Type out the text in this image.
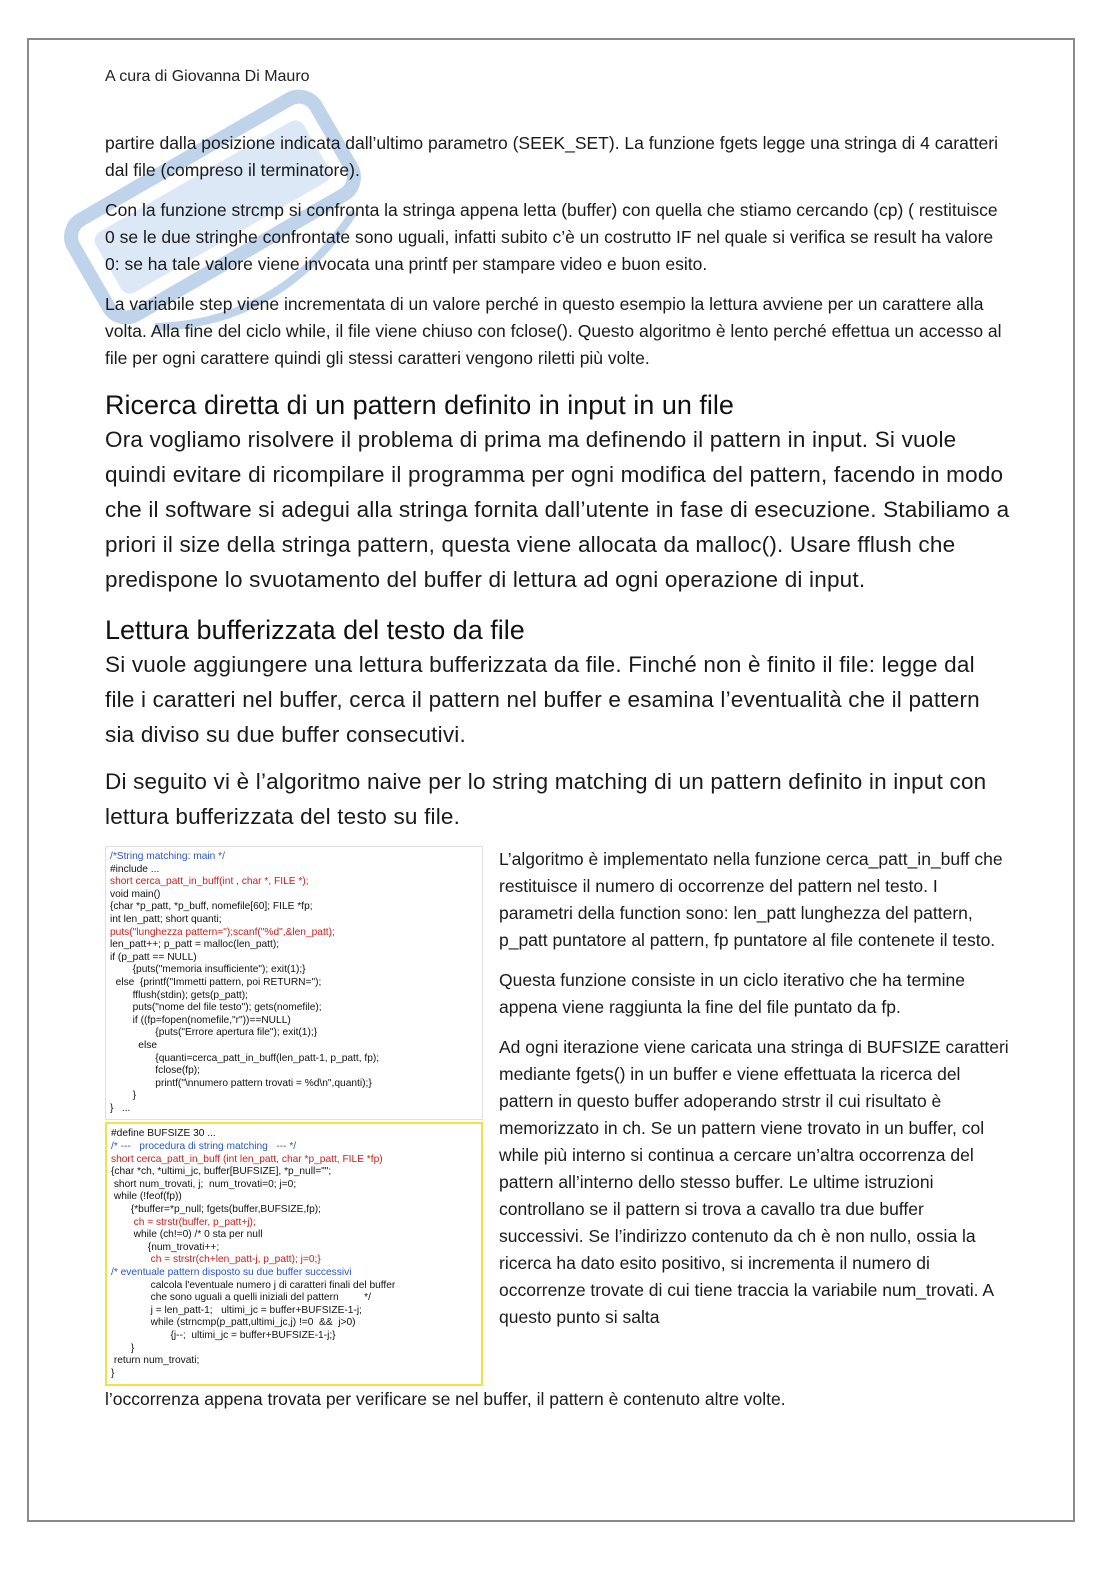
A cura di Giovanna Di Mauro

partire dalla posizione indicata dall’ultimo parametro (SEEK_SET). La funzione fgets legge una stringa di 4 caratteri dal file (compreso il terminatore).

Con la funzione strcmp si confronta la stringa appena letta (buffer) con quella che stiamo cercando (cp) ( restituisce 0 se le due stringhe confrontate sono uguali, infatti subito c’è un costrutto IF nel quale si verifica se result ha valore 0: se ha tale valore viene invocata una printf per stampare video e buon esito.

La variabile step viene incrementata di un valore perché in questo esempio la lettura avviene per un carattere alla volta. Alla fine del ciclo while, il file viene chiuso con fclose(). Questo algoritmo è lento perché effettua un accesso al file per ogni carattere quindi gli stessi caratteri vengono riletti più volte.

Ricerca diretta di un pattern definito in input in un file

Ora vogliamo risolvere il problema di prima ma definendo il pattern in input. Si vuole quindi evitare di ricompilare il programma per ogni modifica del pattern, facendo in modo che il software si adegui alla stringa fornita dall’utente in fase di esecuzione. Stabiliamo a priori il size della stringa pattern, questa viene allocata da malloc(). Usare fflush che predispone lo svuotamento del buffer di lettura ad ogni operazione di input.

Lettura bufferizzata del testo da file

Si vuole aggiungere una lettura bufferizzata da file. Finché non è finito il file: legge dal file i caratteri nel buffer, cerca il pattern nel buffer e esamina l’eventualità che il pattern sia diviso su due buffer consecutivi.

Di seguito vi è l’algoritmo naive per lo string matching di un pattern definito in input con lettura bufferizzata del testo su file.

/*String matching: main */
#include ...
short cerca_patt_in_buff(int , char *, FILE *);
void main()
{char *p_patt, *p_buff, nomefile[60]; FILE *fp;
int len_patt; short quanti;
puts("lunghezza pattern=");scanf("%d",&len_patt);
len_patt++; p_patt = malloc(len_patt);
if (p_patt == NULL)
{puts("memoria insufficiente"); exit(1);}
else  {printf("Immetti pattern, poi RETURN=");
fflush(stdin); gets(p_patt);
puts("nome del file testo"); gets(nomefile);
if ((fp=fopen(nomefile,"r"))==NULL)
{puts("Errore apertura file"); exit(1);}
else
{quanti=cerca_patt_in_buff(len_patt-1, p_patt, fp);
fclose(fp);
printf("\nnumero pattern trovati = %d\n",quanti);}
}
}   ...
#define BUFSIZE 30 ...
/* ---   procedura di string matching   --- */
short cerca_patt_in_buff (int len_patt, char *p_patt, FILE *fp)
{char *ch, *ultimi_jc, buffer[BUFSIZE], *p_null="";
short num_trovati, j;  num_trovati=0; j=0;
while (!feof(fp))
{*buffer=*p_null; fgets(buffer,BUFSIZE,fp);
ch = strstr(buffer, p_patt+j);
while (ch!=0) /* 0 sta per null
{num_trovati++;
ch = strstr(ch+len_patt-j, p_patt); j=0;}
/* eventuale pattern disposto su due buffer successivi
calcola l'eventuale numero j di caratteri finali del buffer
che sono uguali a quelli iniziali del pattern         */
j = len_patt-1;   ultimi_jc = buffer+BUFSIZE-1-j;
while (strncmp(p_patt,ultimi_jc,j) !=0  &&  j>0)
{j--;  ultimi_jc = buffer+BUFSIZE-1-j;}
}
return num_trovati;
}

L’algoritmo è implementato nella funzione cerca_patt_in_buff che restituisce il numero di occorrenze del pattern nel testo. I parametri della function sono: len_patt lunghezza del pattern, p_patt puntatore al pattern, fp puntatore al file contenete il testo.

Questa funzione consiste in un ciclo iterativo che ha termine appena viene raggiunta la fine del file puntato da fp.

Ad ogni iterazione viene caricata una stringa di BUFSIZE caratteri mediante fgets() in un buffer e viene effettuata la ricerca del pattern in questo buffer adoperando strstr il cui risultato è memorizzato in ch. Se un pattern viene trovato in un buffer, col while più interno si continua a cercare un’altra occorrenza del pattern all’interno dello stesso buffer. Le ultime istruzioni controllano se il pattern si trova a cavallo tra due buffer successivi. Se l’indirizzo contenuto da ch è non nullo, ossia la ricerca ha dato esito positivo, si incrementa il numero di occorrenze trovate di cui tiene traccia la variabile num_trovati. A questo punto si salta

l’occorrenza appena trovata per verificare se nel buffer, il pattern è contenuto altre volte.
